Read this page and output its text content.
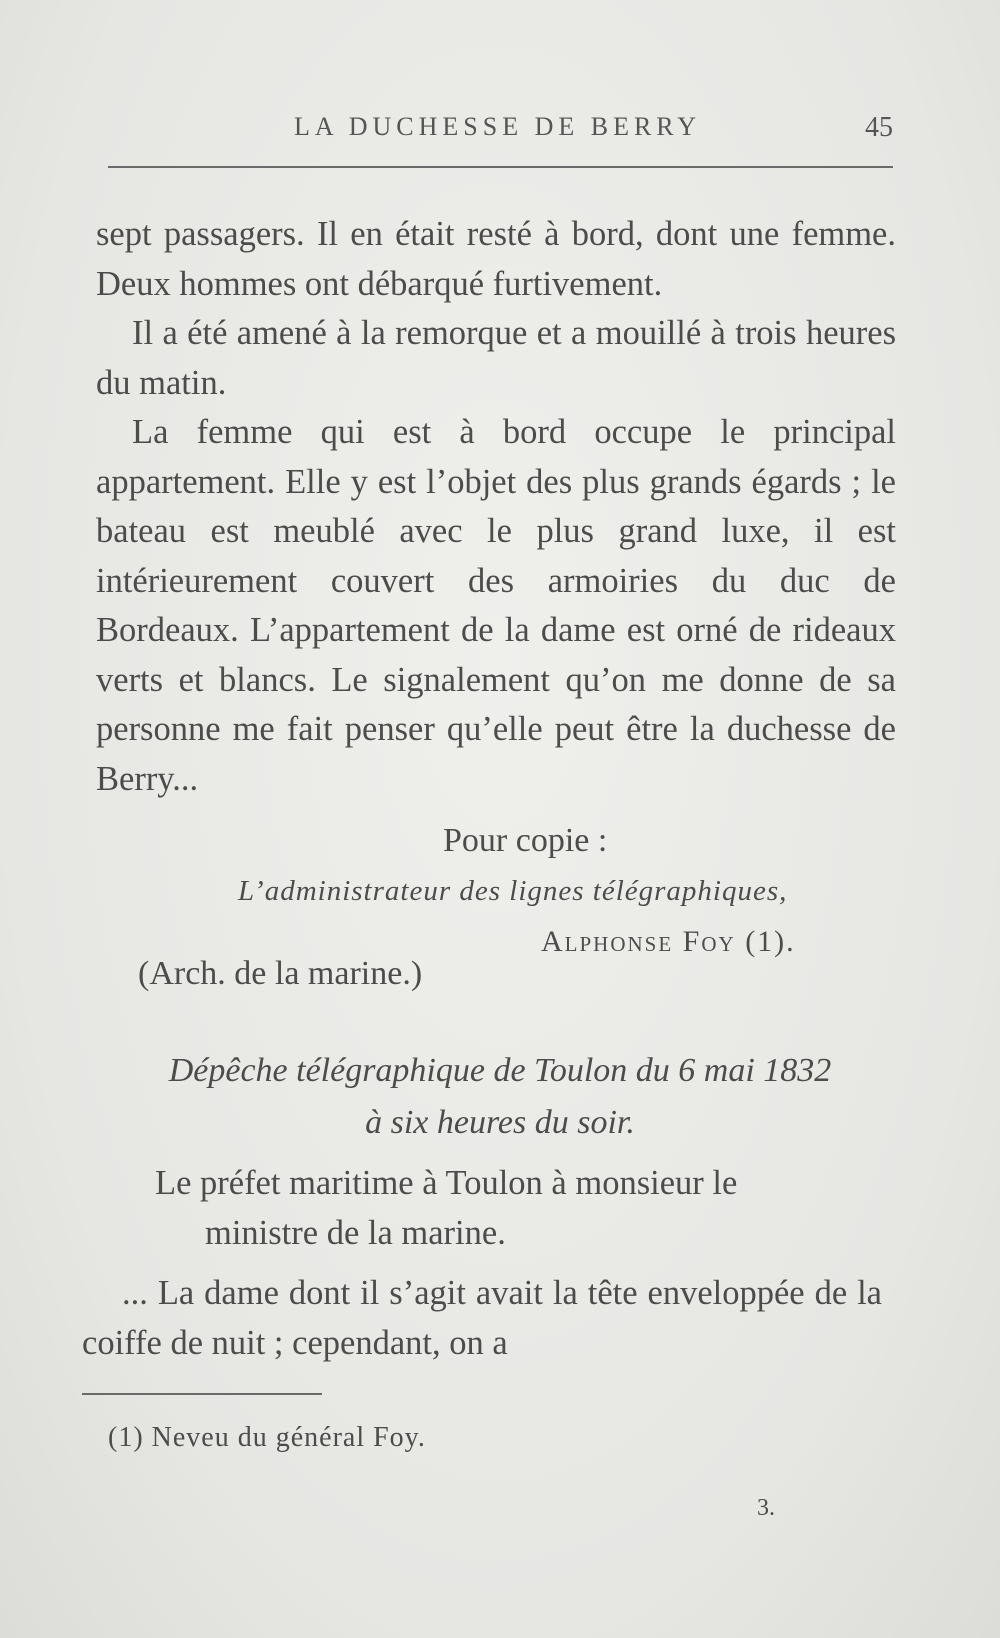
LA DUCHESSE DE BERRY	45

sept passagers. Il en était resté à bord, dont une femme. Deux hommes ont débarqué furtivement.

Il a été amené à la remorque et a mouillé à trois heures du matin.

La femme qui est à bord occupe le principal appartement. Elle y est l’objet des plus grands égards ; le bateau est meublé avec le plus grand luxe, il est intérieurement couvert des armoiries du duc de Bordeaux. L’appartement de la dame est orné de rideaux verts et blancs. Le signalement qu’on me donne de sa personne me fait penser qu’elle peut être la duchesse de Berry...

Pour copie :
L’administrateur des lignes télégraphiques,
Alphonse Foy (1).
(Arch. de la marine.)
Dépêche télégraphique de Toulon du 6 mai 1832
à six heures du soir.
Le préfet maritime à Toulon à monsieur le
ministre de la marine.

... La dame dont il s’agit avait la tête enveloppée de la coiffe de nuit ; cependant, on a

(1) Neveu du général Foy.
3.
